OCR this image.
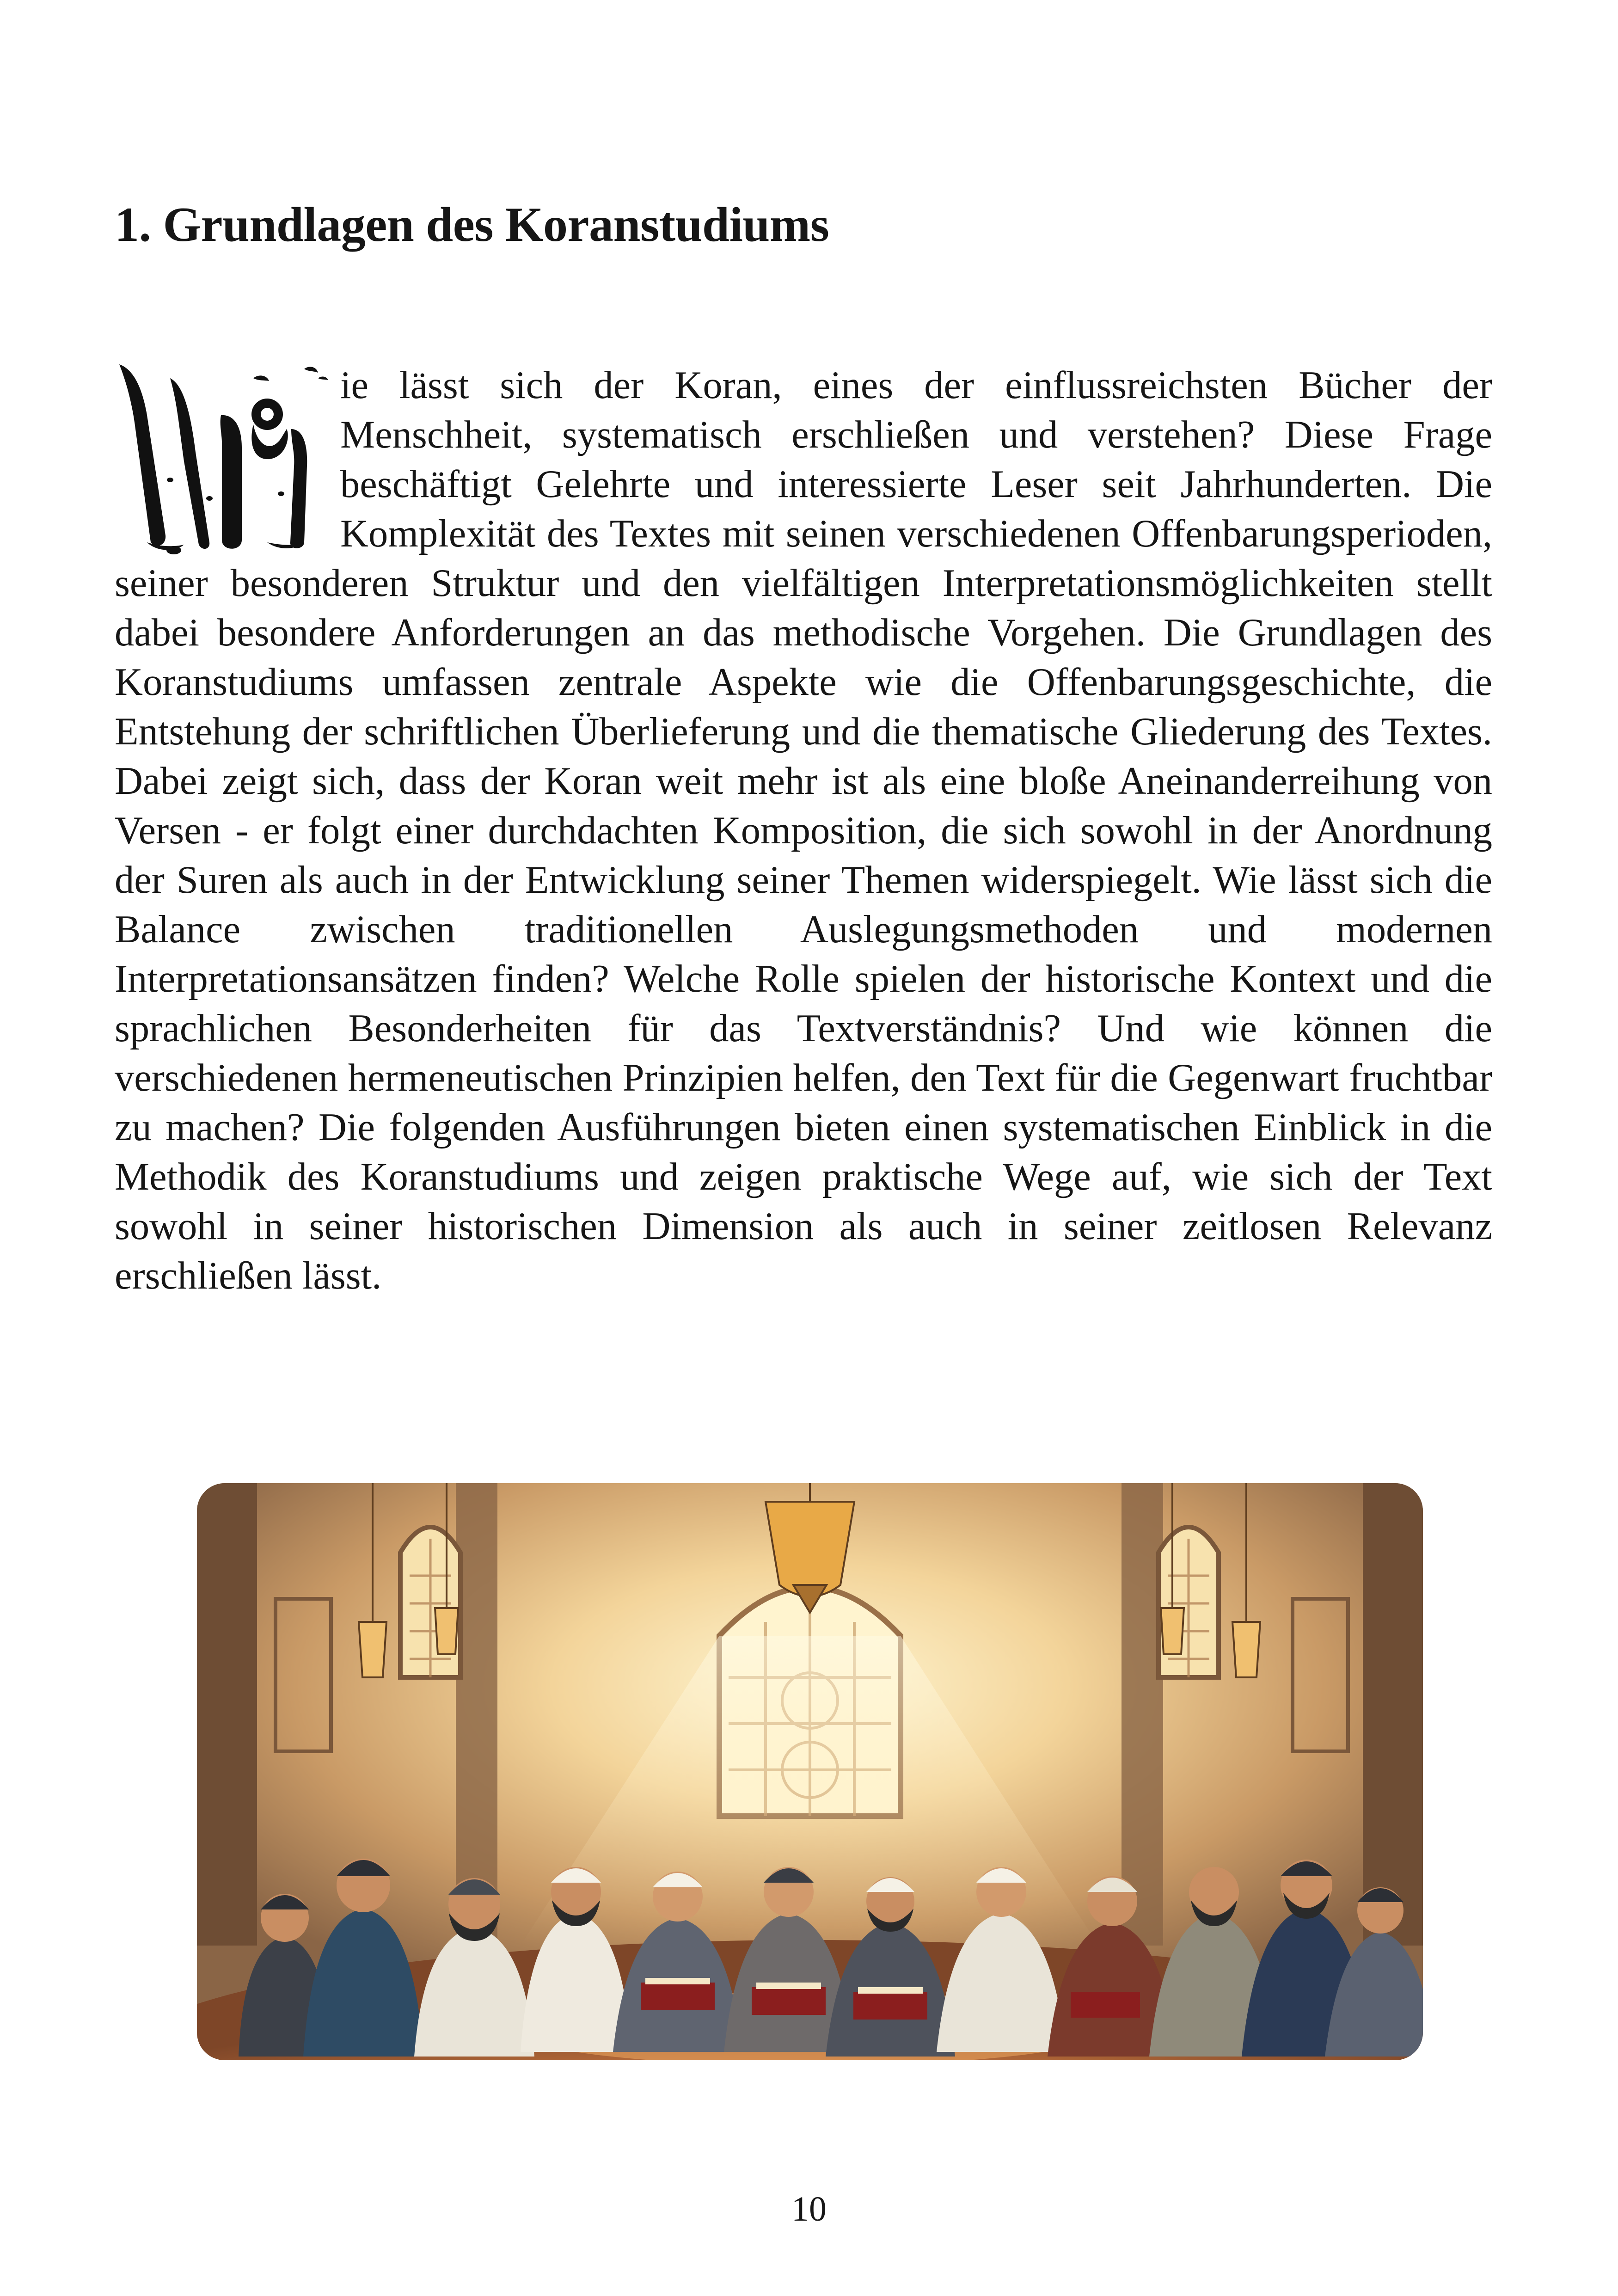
1. Grundlagen des Koranstudiums

ie lässt sich der Koran, eines der einflussreichsten Bücher der Menschheit, systematisch erschließen und verstehen? Diese Frage beschäftigt Gelehrte und interessierte Leser seit Jahrhunderten. Die Komplexität des Textes mit seinen verschiedenen Offenbarungsperioden, seiner besonderen Struktur und den vielfältigen Interpretationsmöglichkeiten stellt dabei besondere Anforderungen an das methodische Vorgehen. Die Grundlagen des Koranstudiums umfassen zentrale Aspekte wie die Offenbarungsgeschichte, die Entstehung der schriftlichen Überlieferung und die thematische Gliederung des Textes. Dabei zeigt sich, dass der Koran weit mehr ist als eine bloße Aneinanderreihung von Versen - er folgt einer durchdachten Komposition, die sich sowohl in der Anordnung der Suren als auch in der Entwicklung seiner Themen widerspiegelt. Wie lässt sich die Balance zwischen traditionellen Auslegungsmethoden und modernen Interpretationsansätzen finden? Welche Rolle spielen der historische Kontext und die sprachlichen Besonderheiten für das Textverständnis? Und wie können die verschiedenen hermeneutischen Prinzipien helfen, den Text für die Gegenwart fruchtbar zu machen? Die folgenden Ausführungen bieten einen systematischen Einblick in die Methodik des Koranstudiums und zeigen praktische Wege auf, wie sich der Text sowohl in seiner historischen Dimension als auch in seiner zeitlosen Relevanz erschließen lässt.

10
